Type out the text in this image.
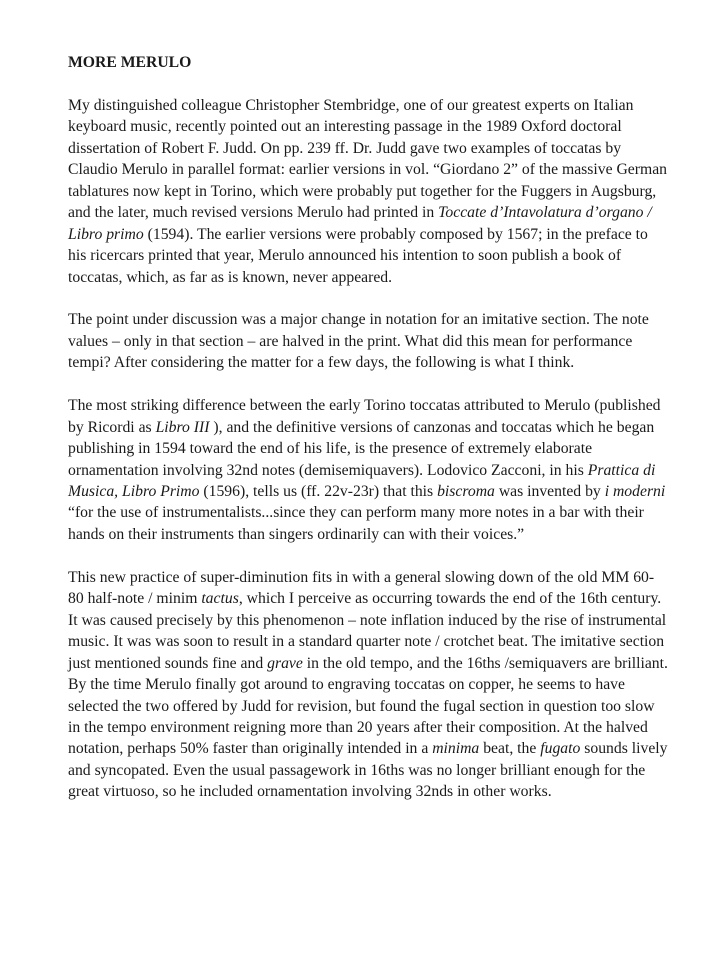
MORE MERULO

My distinguished colleague Christopher Stembridge, one of our greatest experts on Italian keyboard music, recently pointed out an interesting passage in the 1989 Oxford doctoral dissertation of Robert F. Judd. On pp. 239 ff. Dr. Judd gave two examples of toccatas by Claudio Merulo in parallel format: earlier versions in vol. “Giordano 2” of the massive German tablatures now kept in Torino, which were probably put together for the Fuggers in Augsburg, and the later, much revised versions Merulo had printed in Toccate d’Intavolatura d’organo / Libro primo (1594). The earlier versions were probably composed by 1567; in the preface to his ricercars printed that year, Merulo announced his intention to soon publish a book of toccatas, which, as far as is known, never appeared.

The point under discussion was a major change in notation for an imitative section. The note values – only in that section – are halved in the print. What did this mean for performance tempi? After considering the matter for a few days, the following is what I think.

The most striking difference between the early Torino toccatas attributed to Merulo (published by Ricordi as Libro III ), and the definitive versions of canzonas and toccatas which he began publishing in 1594 toward the end of his life, is the presence of extremely elaborate ornamentation involving 32nd notes (demisemiquavers). Lodovico Zacconi, in his Prattica di Musica, Libro Primo (1596), tells us (ff. 22v-23r) that this biscroma was invented by i moderni “for the use of instrumentalists...since they can perform many more notes in a bar with their hands on their instruments than singers ordinarily can with their voices.”

This new practice of super-diminution fits in with a general slowing down of the old MM 60-80 half-note / minim tactus, which I perceive as occurring towards the end of the 16th century. It was caused precisely by this phenomenon – note inflation induced by the rise of instrumental music. It was was soon to result in a standard quarter note / crotchet beat. The imitative section just mentioned sounds fine and grave in the old tempo, and the 16ths /semiquavers are brilliant. By the time Merulo finally got around to engraving toccatas on copper, he seems to have selected the two offered by Judd for revision, but found the fugal section in question too slow in the tempo environment reigning more than 20 years after their composition. At the halved notation, perhaps 50% faster than originally intended in a minima beat, the fugato sounds lively and syncopated. Even the usual passagework in 16ths was no longer brilliant enough for the great virtuoso, so he included ornamentation involving 32nds in other works.
